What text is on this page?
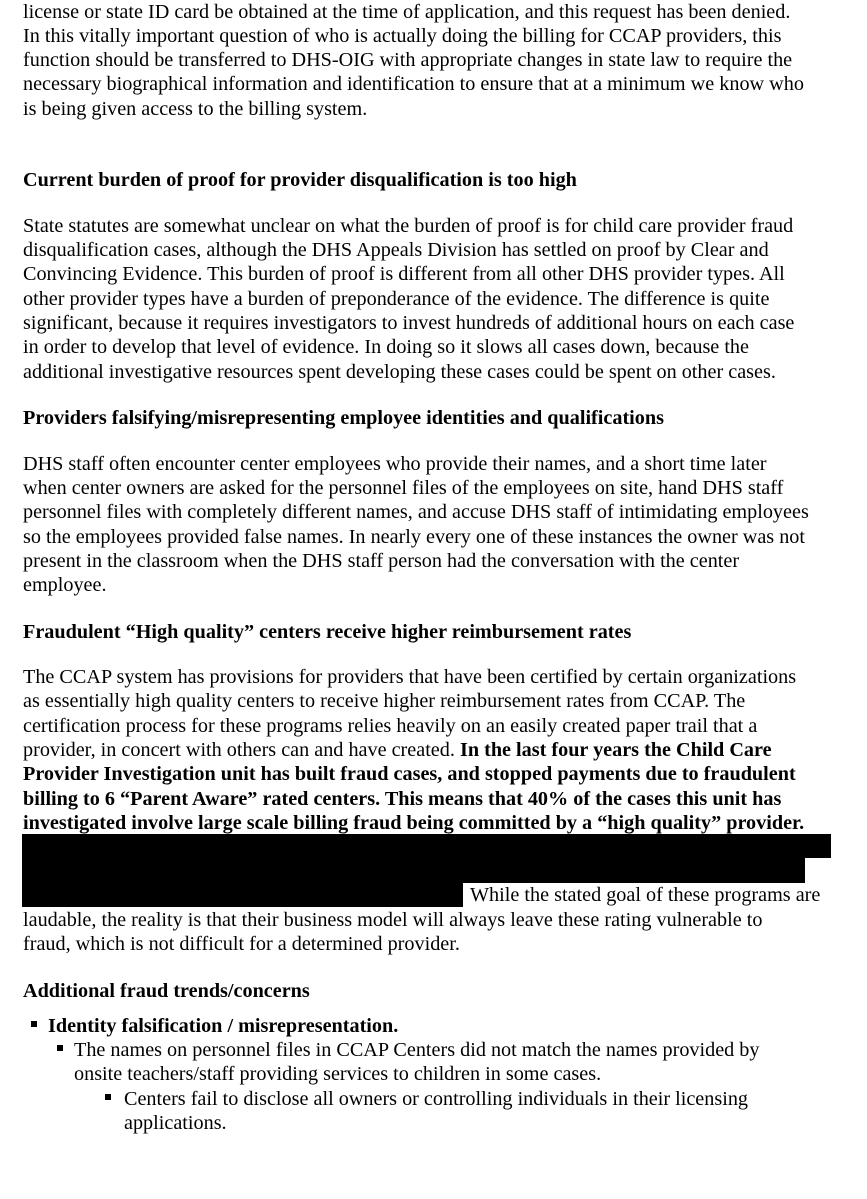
license or state ID card be obtained at the time of application, and this request has been denied.
In this vitally important question of who is actually doing the billing for CCAP providers, this
function should be transferred to DHS-OIG with appropriate changes in state law to require the
necessary biographical information and identification to ensure that at a minimum we know who
is being given access to the billing system.
Current burden of proof for provider disqualification is too high
State statutes are somewhat unclear on what the burden of proof is for child care provider fraud
disqualification cases, although the DHS Appeals Division has settled on proof by Clear and
Convincing Evidence. This burden of proof is different from all other DHS provider types. All
other provider types have a burden of preponderance of the evidence. The difference is quite
significant, because it requires investigators to invest hundreds of additional hours on each case
in order to develop that level of evidence. In doing so it slows all cases down, because the
additional investigative resources spent developing these cases could be spent on other cases.
Providers falsifying/misrepresenting employee identities and qualifications
DHS staff often encounter center employees who provide their names, and a short time later
when center owners are asked for the personnel files of the employees on site, hand DHS staff
personnel files with completely different names, and accuse DHS staff of intimidating employees
so the employees provided false names. In nearly every one of these instances the owner was not
present in the classroom when the DHS staff person had the conversation with the center
employee.
Fraudulent “High quality” centers receive higher reimbursement rates
The CCAP system has provisions for providers that have been certified by certain organizations
as essentially high quality centers to receive higher reimbursement rates from CCAP. The
certification process for these programs relies heavily on an easily created paper trail that a
provider, in concert with others can and have created. In the last four years the Child Care
Provider Investigation unit has built fraud cases, and stopped payments due to fraudulent
billing to 6 “Parent Aware” rated centers. This means that 40% of the cases this unit has
investigated involve large scale billing fraud being committed by a “high quality” provider.
While the stated goal of these programs are
laudable, the reality is that their business model will always leave these rating vulnerable to
fraud, which is not difficult for a determined provider.
Additional fraud trends/concerns
Identity falsification / misrepresentation.
The names on personnel files in CCAP Centers did not match the names provided by
onsite teachers/staff providing services to children in some cases.
Centers fail to disclose all owners or controlling individuals in their licensing
applications.
